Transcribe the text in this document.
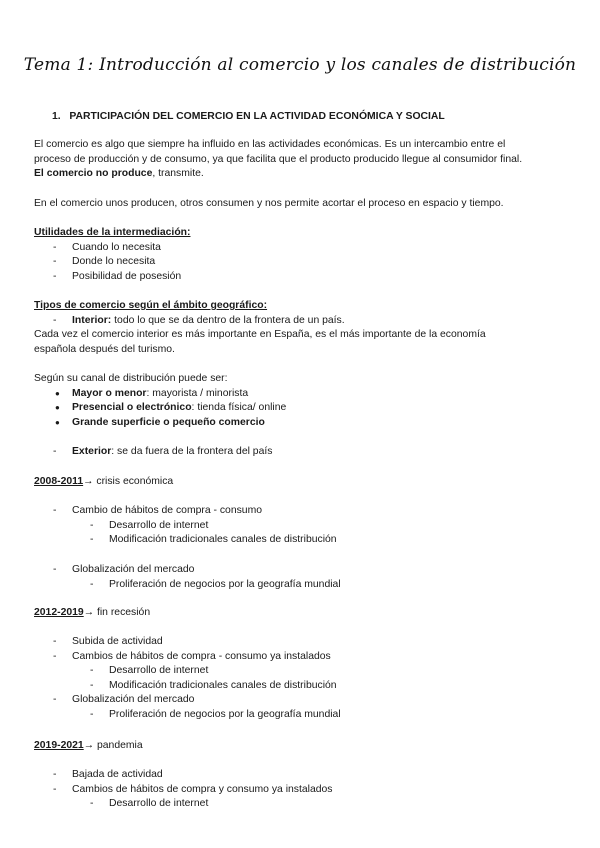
Tema 1: Introducción al comercio y los canales de distribución
1. PARTICIPACIÓN DEL COMERCIO EN LA ACTIVIDAD ECONÓMICA Y SOCIAL
El comercio es algo que siempre ha influido en las actividades económicas. Es un intercambio entre el
proceso de producción y de consumo, ya que facilita que el producto producido llegue al consumidor final.
El comercio no produce, transmite.
En el comercio unos producen, otros consumen y nos permite acortar el proceso en espacio y tiempo.
Utilidades de la intermediación:
- Cuando lo necesita
- Donde lo necesita
- Posibilidad de posesión
Tipos de comercio según el ámbito geográfico:
- Interior: todo lo que se da dentro de la frontera de un país.
Cada vez el comercio interior es más importante en España, es el más importante de la economía
española después del turismo.
Según su canal de distribución puede ser:
● Mayor o menor: mayorista / minorista
● Presencial o electrónico: tienda física/ online
● Grande superficie o pequeño comercio
- Exterior: se da fuera de la frontera del país
2008-2011→ crisis económica
- Cambio de hábitos de compra - consumo
- Desarrollo de internet
- Modificación tradicionales canales de distribución
- Globalización del mercado
- Proliferación de negocios por la geografía mundial
2012-2019→ fin recesión
- Subida de actividad
- Cambios de hábitos de compra - consumo ya instalados
- Desarrollo de internet
- Modificación tradicionales canales de distribución
- Globalización del mercado
- Proliferación de negocios por la geografía mundial
2019-2021→ pandemia
- Bajada de actividad
- Cambios de hábitos de compra y consumo ya instalados
- Desarrollo de internet
